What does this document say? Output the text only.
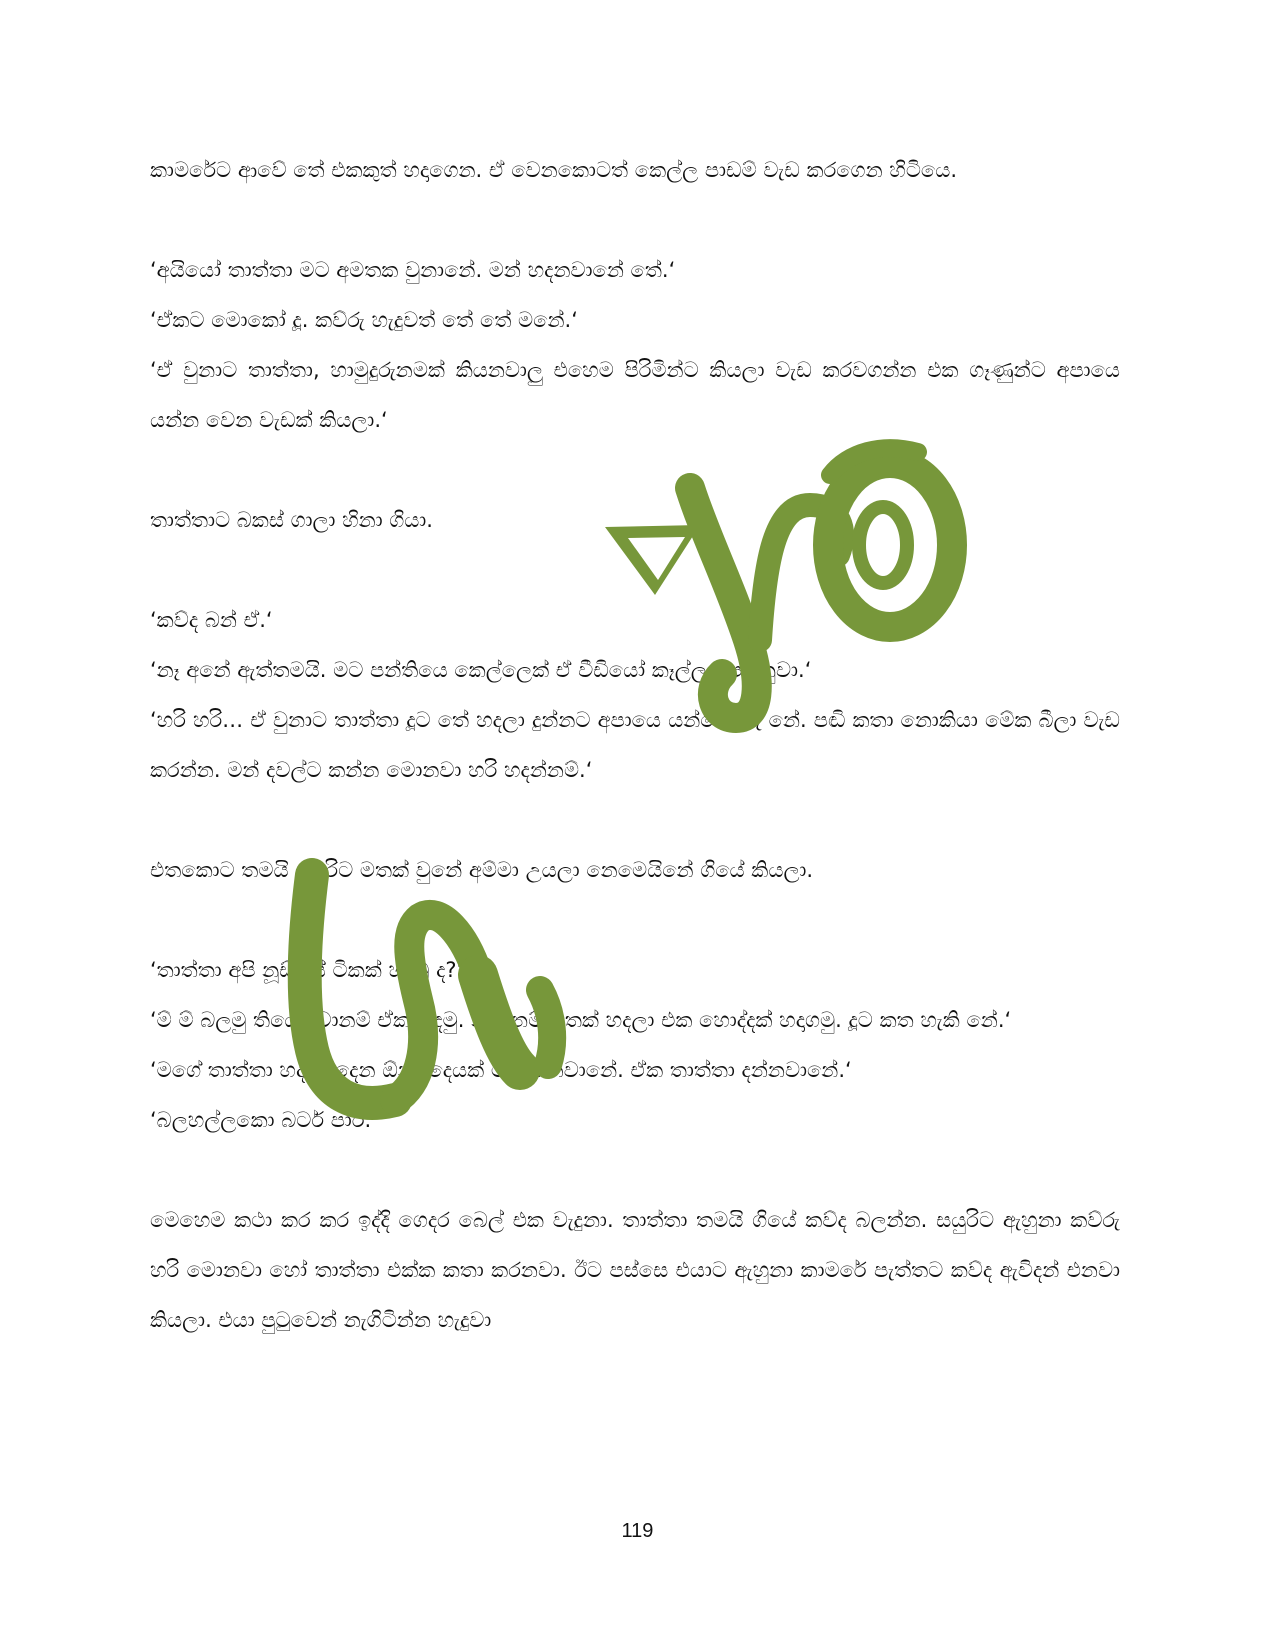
කාමරේට ආවේ තේ එකකුත් හදාගෙන. ඒ වෙනකොටත් කෙල්ල පාඩම් වැඩ කරගෙන හිටියෙ.

‘අයියෝ තාත්තා මට අමතක වුනානේ. මන් හදනවානේ තේ.‘

‘ඒකට මොකෝ දූ. කව්රු හැදුවත් තේ තේ මනේ.‘

‘ඒ වුනාට තාත්තා, හාමුදුරුනමක් කියනවාලු එහෙම පිරිමින්ට කියලා වැඩ කරවගන්න එක ගෑණුන්ට අපායෙ යන්න වෙන වැඩක් කියලා.‘

තාත්තාට බකස් ගාලා හිනා ගියා.

‘කව්ද බන් ඒ.‘

‘නෑ අනේ ඇත්තමයි. මට පන්තියෙ කෙල්ලෙක් ඒ වීඩියෝ කෑල්ල පෙන්නුවා.‘

‘හරි හරි… ඒ වුනාට තාත්තා දූට තේ හදලා දුන්නට අපායෙ යන්නෙ නෑ නේ. පඬි කතා නොකියා මේක බීලා වැඩ කරන්න. මන් දවල්ට කන්න මොනවා හරි හදන්නම්.‘

එතකොට තමයි සයුරිට මතක් වුනේ අම්මා උයලා නෙමෙයිනේ ගියේ කියලා.

‘තාත්තා අපි නූඩ්ල්ස් ටිකක් හදමු ද?‘

‘ම් ම් බලමු තියෙනවානම් ඒක හදමු. නැත්නම් බතක් හදලා එක හොද්දක් හදාගමු. දූට කත හැකි නේ.‘

‘මගේ තාත්තා හදලා දෙන ඕනා දෙයක් මන් කනවානේ. ඒක තාත්තා දන්නවානේ.‘

‘බලහල්ලකො බටර් පාර.‘

මෙහෙම කථා කර කර ඉද්දි ගෙදර බෙල් එක වැදුනා. තාත්තා තමයි ගියේ කව්ද බලන්න. සයුරිට ඇහුනා කව්රු හරි මොනවා හෝ තාත්තා එක්ක කතා කරනවා. ඊට පස්සෙ එයාට ඇහුනා කාමරේ පැත්තට කව්ද ඇවිදන් එනවා කියලා. එයා පුටුවෙන් නැගිටින්න හැදුවා

119
